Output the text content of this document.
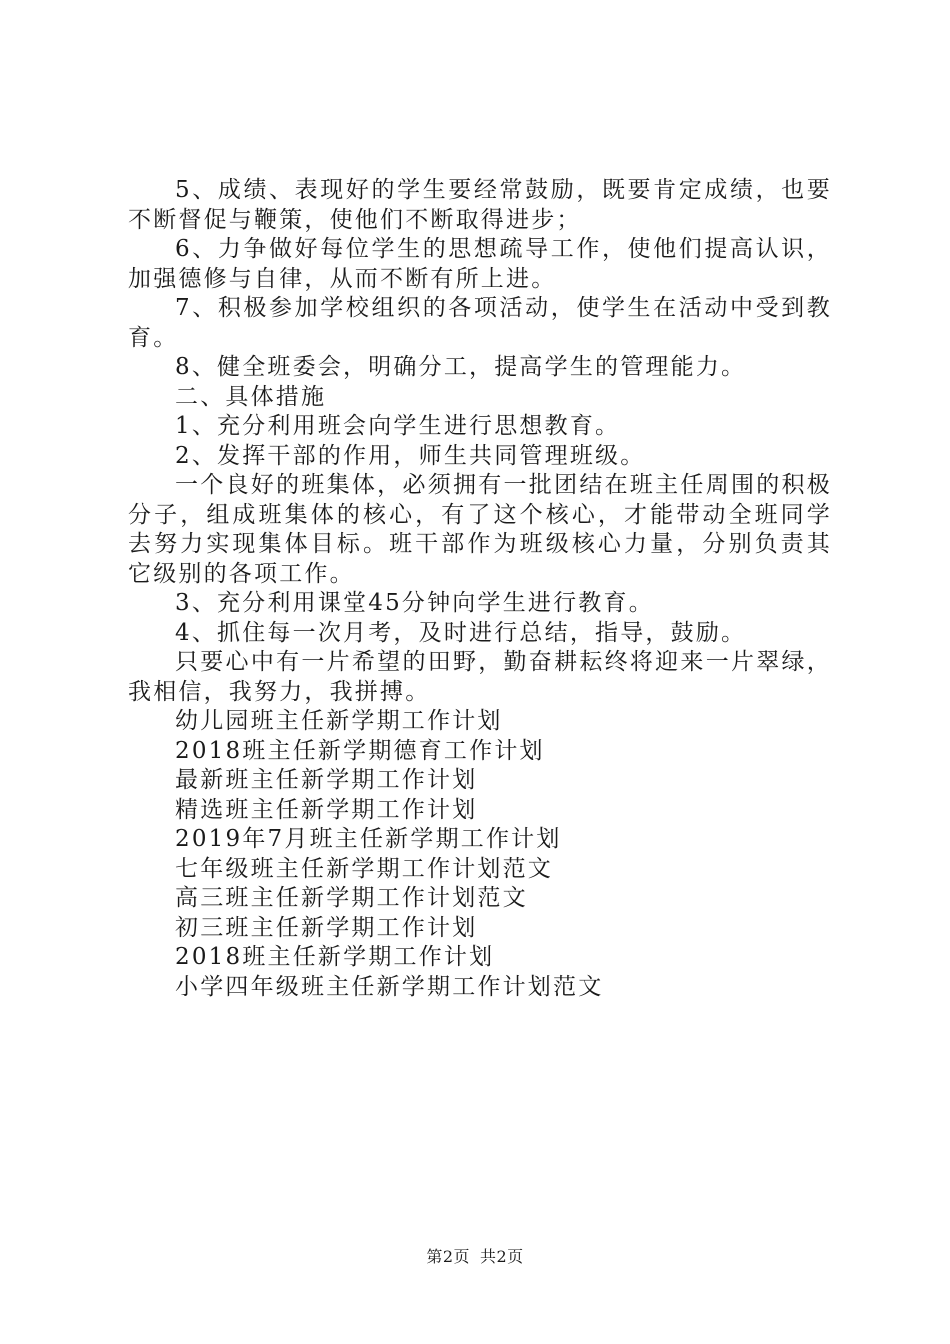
5、成绩、表现好的学生要经常鼓励，既要肯定成绩，也要不断督促与鞭策，使他们不断取得进步；

6、力争做好每位学生的思想疏导工作，使他们提高认识，加强德修与自律，从而不断有所上进。

7、积极参加学校组织的各项活动，使学生在活动中受到教育。

8、健全班委会，明确分工，提高学生的管理能力。

二、具体措施

1、充分利用班会向学生进行思想教育。

2、发挥干部的作用，师生共同管理班级。

一个良好的班集体，必须拥有一批团结在班主任周围的积极分子，组成班集体的核心，有了这个核心，才能带动全班同学去努力实现集体目标。班干部作为班级核心力量，分别负责其它级别的各项工作。

3、充分利用课堂45分钟向学生进行教育。

4、抓住每一次月考，及时进行总结，指导，鼓励。

只要心中有一片希望的田野，勤奋耕耘终将迎来一片翠绿，我相信，我努力，我拼搏。

幼儿园班主任新学期工作计划

2018班主任新学期德育工作计划

最新班主任新学期工作计划

精选班主任新学期工作计划

2019年7月班主任新学期工作计划

七年级班主任新学期工作计划范文

高三班主任新学期工作计划范文

初三班主任新学期工作计划

2018班主任新学期工作计划

小学四年级班主任新学期工作计划范文

第2页 共2页
